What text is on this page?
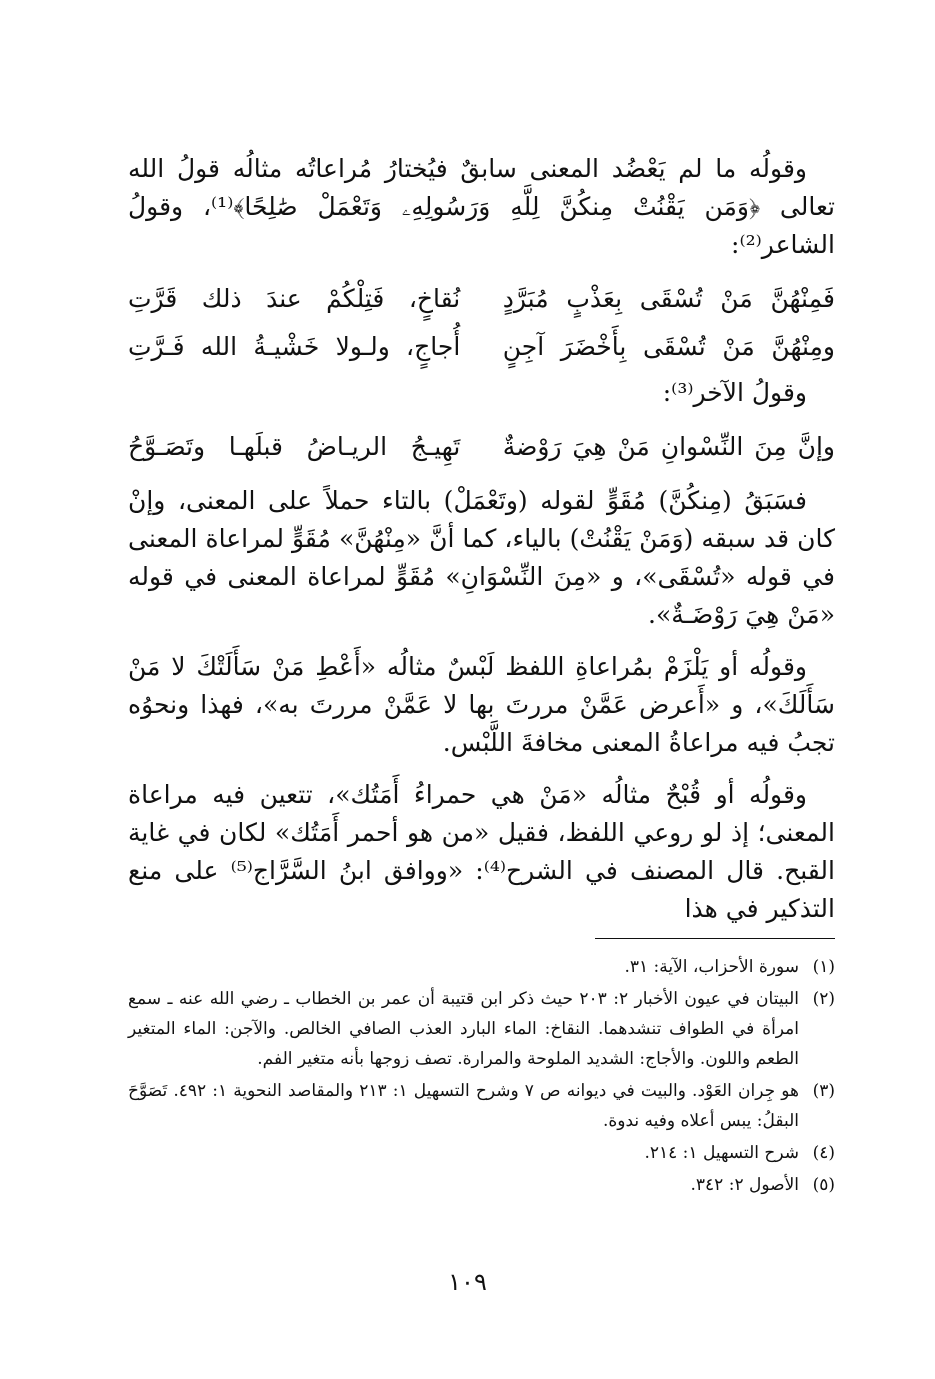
وقولُه ما لم يَعْضُد المعنى سابقٌ فيُختارُ مُراعاتُه مثالُه قولُ الله تعالى ﴿وَمَن يَقْنُتْ مِنكُنَّ لِلَّهِ وَرَسُولِهِۦ وَتَعْمَلْ صَٰلِحًا﴾⁽¹⁾، وقولُ الشاعر⁽²⁾:

فَمِنْهُنَّ مَنْ تُسْقَى بِعَذْبٍ مُبَرَّدٍ
نُقاخٍ، فَتِلْكُمْ عندَ ذلك قَرَّتِ
ومِنْهُنَّ مَنْ تُسْقَى بِأَخْضَرَ آجِنٍ
أُجاجٍ، ولـولا خَشْيـةُ الله فَـرَّتِ

وقولُ الآخر⁽³⁾:

وإنَّ مِنَ النِّسْوانِ مَنْ هِيَ رَوْضةٌ
تَهِيـجُ الريـاضُ قبلَهـا وتَصَـوَّحُ

فسَبَقُ (مِنكُنَّ) مُقَوٍّ لقوله (وتَعْمَلْ) بالتاء حملاً على المعنى، وإنْ كان قد سبقه (وَمَنْ يَقْنُتْ) بالياء، كما أنَّ «مِنْهُنَّ» مُقَوٍّ لمراعاة المعنى في قوله «تُسْقَى»، و «مِنَ النِّسْوَانِ» مُقَوٍّ لمراعاة المعنى في قوله «مَنْ هِيَ رَوْضَـةٌ».

وقولُه أو يَلْزَمْ بمُراعاةِ اللفظ لَبْسٌ مثالُه «أَعْطِ مَنْ سَأَلَتْكَ لا مَنْ سَأَلَكَ»، و «أَعرض عَمَّنْ مررتَ بها لا عَمَّنْ مررتَ به»، فهذا ونحوُه تجبُ فيه مراعاةُ المعنى مخافةَ اللَّبْس.

وقولُه أو قُبْحٌ مثالُه «مَنْ هي حمراءُ أَمَتُك»، تتعين فيه مراعاة المعنى؛ إذ لو روعي اللفظ، فقيل «من هو أحمر أَمَتُك» لكان في غاية القبح. قال المصنف في الشرح⁽⁴⁾: «ووافق ابنُ السَّرَّاج⁽⁵⁾ على منع التذكير في هذا

(١)
سورة الأحزاب، الآية: ٣١.
(٢)
البيتان في عيون الأخبار ٢: ٢٠٣ حيث ذكر ابن قتيبة أن عمر بن الخطاب ـ رضي الله عنه ـ سمع امرأة في الطواف تنشدهما. النقاخ: الماء البارد العذب الصافي الخالص. والآجن: الماء المتغير الطعم واللون. والأجاج: الشديد الملوحة والمرارة. تصف زوجها بأنه متغير الفم.
(٣)
هو جِران العَوْد. والبيت في ديوانه ص ٧ وشرح التسهيل ١: ٢١٣ والمقاصد النحوية ١: ٤٩٢. تَصَوَّحَ البقلُ: يبس أعلاه وفيه ندوة.
(٤)
شرح التسهيل ١: ٢١٤.
(٥)
الأصول ٢: ٣٤٢.
١٠٩
